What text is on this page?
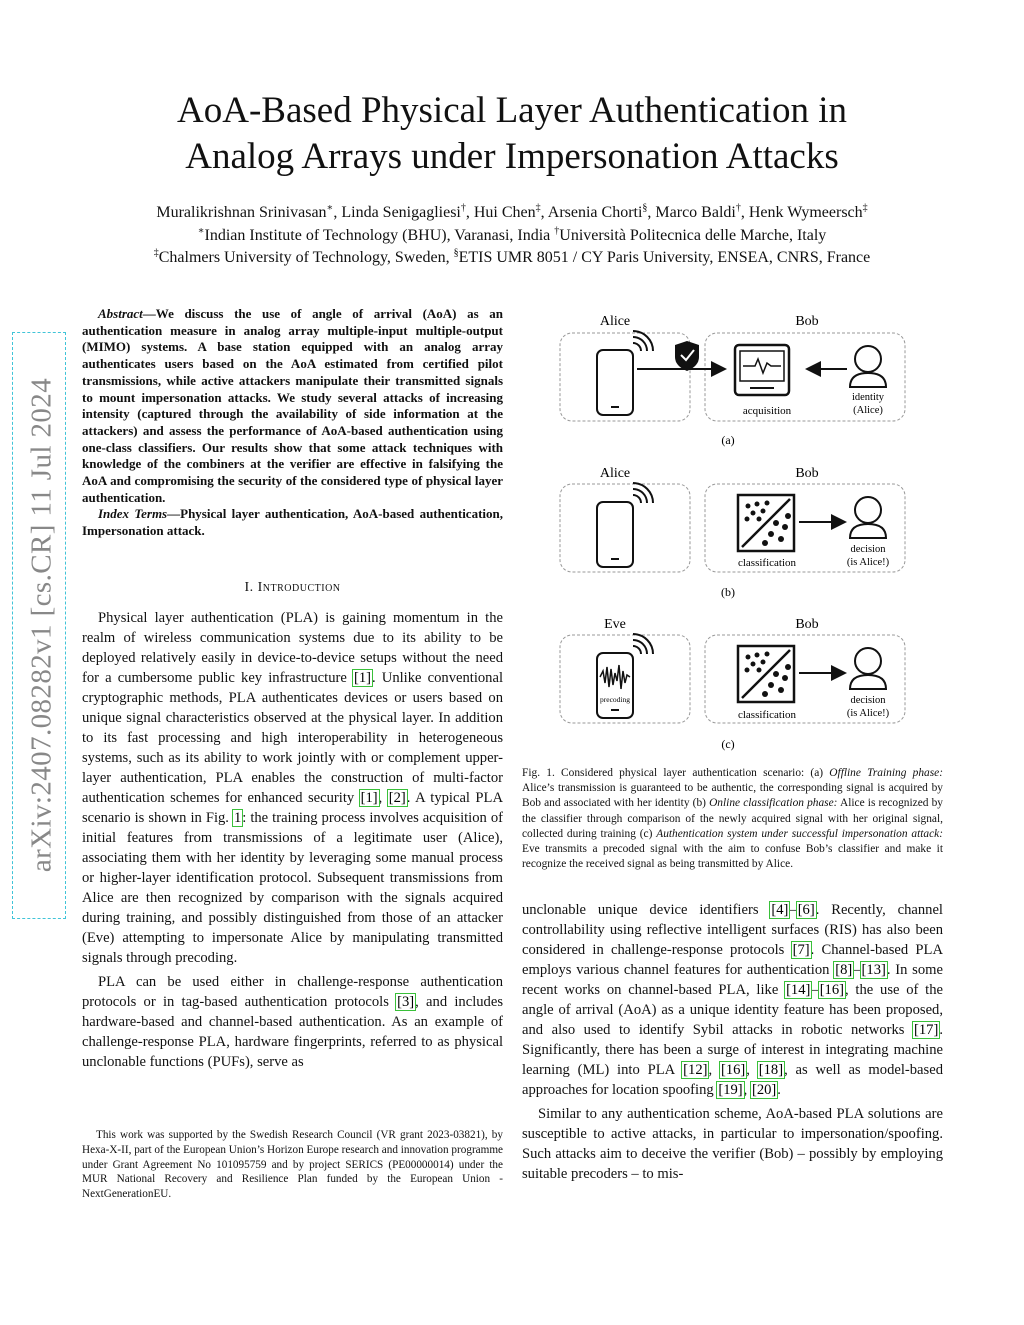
AoA-Based Physical Layer Authentication in
Analog Arrays under Impersonation Attacks
Muralikrishnan Srinivasan∗, Linda Senigagliesi†, Hui Chen‡, Arsenia Chorti§, Marco Baldi†, Henk Wymeersch‡
∗Indian Institute of Technology (BHU), Varanasi, India †Università Politecnica delle Marche, Italy
‡Chalmers University of Technology, Sweden, §ETIS UMR 8051 / CY Paris University, ENSEA, CNRS, France
arXiv:2407.08282v1 [cs.CR] 11 Jul 2024

Abstract—We discuss the use of angle of arrival (AoA) as an authentication measure in analog array multiple-input multiple-output (MIMO) systems. A base station equipped with an analog array authenticates users based on the AoA estimated from certified pilot transmissions, while active attackers manipulate their transmitted signals to mount impersonation attacks. We study several attacks of increasing intensity (captured through the availability of side information at the attackers) and assess the performance of AoA-based authentication using one-class classifiers. Our results show that some attack techniques with knowledge of the combiners at the verifier are effective in falsifying the AoA and compromising the security of the considered type of physical layer authentication.

Index Terms—Physical layer authentication, AoA-based authentication, Impersonation attack.

I. Introduction

Physical layer authentication (PLA) is gaining momentum in the realm of wireless communication systems due to its ability to be deployed relatively easily in device-to-device setups without the need for a cumbersome public key infrastructure [1]. Unlike conventional cryptographic methods, PLA authenticates devices or users based on unique signal characteristics observed at the physical layer. In addition to its fast processing and high interoperability in heterogeneous systems, such as its ability to work jointly with or complement upper-layer authentication, PLA enables the construction of multi-factor authentication schemes for enhanced security [1], [2]. A typical PLA scenario is shown in Fig. 1: the training process involves acquisition of initial features from transmissions of a legitimate user (Alice), associating them with her identity by leveraging some manual process or higher-layer identification protocol. Subsequent transmissions from Alice are then recognized by comparison with the signals acquired during training, and possibly distinguished from those of an attacker (Eve) attempting to impersonate Alice by manipulating transmitted signals through precoding.

PLA can be used either in challenge-response authentication protocols or in tag-based authentication protocols [3], and includes hardware-based and channel-based authentication. As an example of challenge-response PLA, hardware fingerprints, referred to as physical unclonable functions (PUFs), serve as

This work was supported by the Swedish Research Council (VR grant 2023-03821), by Hexa-X-II, part of the European Union’s Horizon Europe research and innovation programme under Grant Agreement No 101095759 and by project SERICS (PE00000014) under the MUR National Recovery and Resilience Plan funded by the European Union - NextGenerationEU.

Alice	Bob
acquisition
identity
(Alice)
(a)
Alice	Bob
classification
decision
(is Alice!)
(b)
Eve	Bob
precoding
classification
decision
(is Alice!)
(c)
Fig. 1. Considered physical layer authentication scenario: (a) Offline Training phase: Alice’s transmission is guaranteed to be authentic, the corresponding signal is acquired by Bob and associated with her identity (b) Online classification phase: Alice is recognized by the classifier through comparison of the newly acquired signal with her original signal, collected during training (c) Authentication system under successful impersonation attack: Eve transmits a precoded signal with the aim to confuse Bob’s classifier and make it recognize the received signal as being transmitted by Alice.

unclonable unique device identifiers [4]–[6]. Recently, channel controllability using reflective intelligent surfaces (RIS) has also been considered in challenge-response protocols [7]. Channel-based PLA employs various channel features for authentication [8]–[13]. In some recent works on channel-based PLA, like [14]–[16], the use of the angle of arrival (AoA) as a unique identity feature has been proposed, and also used to identify Sybil attacks in robotic networks [17]. Significantly, there has been a surge of interest in integrating machine learning (ML) into PLA [12], [16], [18], as well as model-based approaches for location spoofing [19], [20].

Similar to any authentication scheme, AoA-based PLA solutions are susceptible to active attacks, in particular to impersonation/spoofing. Such attacks aim to deceive the verifier (Bob) – possibly by employing suitable precoders – to mis-
